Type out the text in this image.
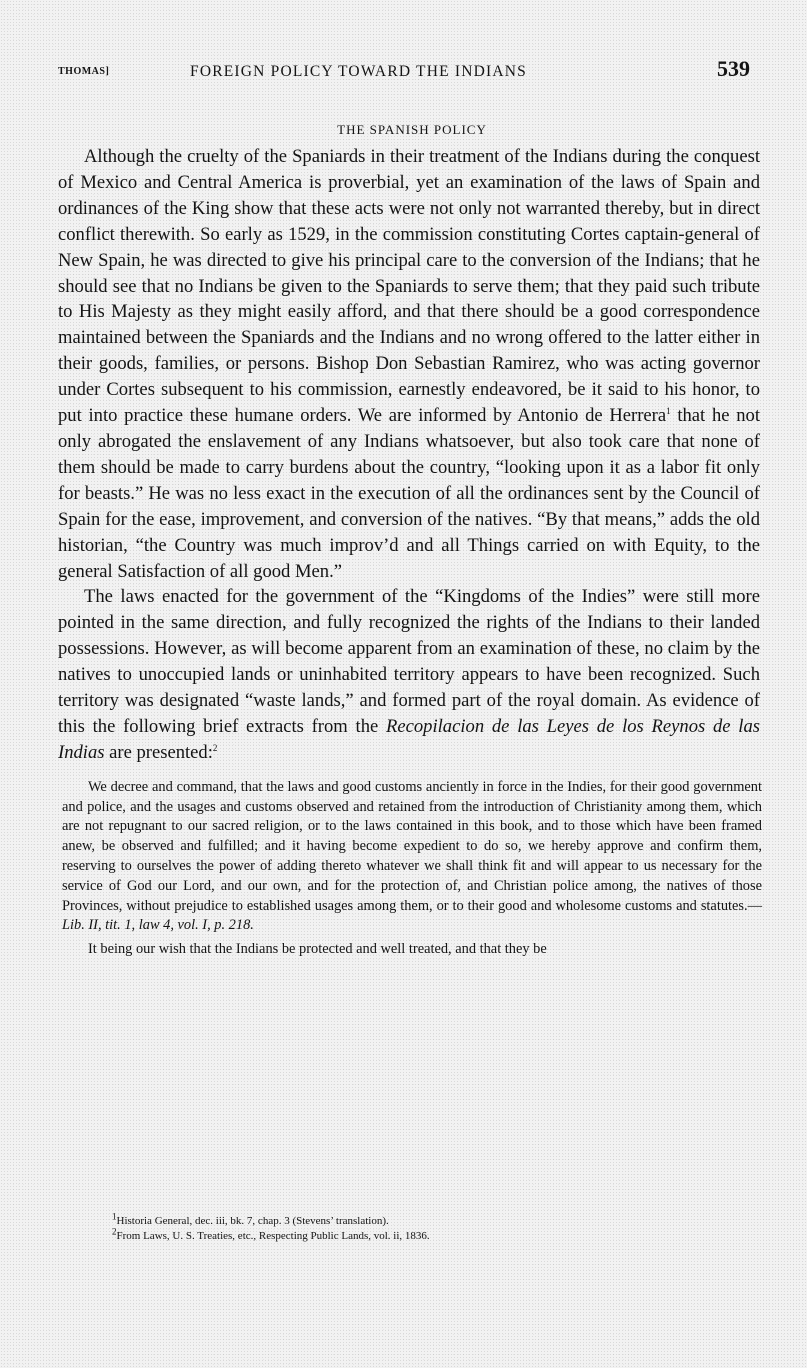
THOMAS]	FOREIGN POLICY TOWARD THE INDIANS	539
THE SPANISH POLICY

Although the cruelty of the Spaniards in their treatment of the Indians during the conquest of Mexico and Central America is proverbial, yet an examination of the laws of Spain and ordinances of the King show that these acts were not only not warranted thereby, but in direct conflict therewith. So early as 1529, in the commission constituting Cortes captain-general of New Spain, he was directed to give his principal care to the conversion of the Indians; that he should see that no Indians be given to the Spaniards to serve them; that they paid such tribute to His Majesty as they might easily afford, and that there should be a good correspondence maintained between the Spaniards and the Indians and no wrong offered to the latter either in their goods, families, or persons. Bishop Don Sebastian Ramirez, who was acting governor under Cortes subsequent to his commission, earnestly endeavored, be it said to his honor, to put into practice these humane orders. We are informed by Antonio de Herrera$^1$ that he not only abrogated the enslavement of any Indians whatsoever, but also took care that none of them should be made to carry burdens about the country, “looking upon it as a labor fit only for beasts.” He was no less exact in the execution of all the ordinances sent by the Council of Spain for the ease, improvement, and conversion of the natives. “By that means,” adds the old historian, “the Country was much improv’d and all Things carried on with Equity, to the general Satisfaction of all good Men.”

The laws enacted for the government of the “Kingdoms of the Indies” were still more pointed in the same direction, and fully recognized the rights of the Indians to their landed possessions. However, as will become apparent from an examination of these, no claim by the natives to unoccupied lands or uninhabited territory appears to have been recognized. Such territory was designated “waste lands,” and formed part of the royal domain. As evidence of this the following brief extracts from the Recopilacion de las Leyes de los Reynos de las Indias are presented:$^2$

We decree and command, that the laws and good customs anciently in force in the Indies, for their good government and police, and the usages and customs observed and retained from the introduction of Christianity among them, which are not repugnant to our sacred religion, or to the laws contained in this book, and to those which have been framed anew, be observed and fulfilled; and it having become expedient to do so, we hereby approve and confirm them, reserving to ourselves the power of adding thereto whatever we shall think fit and will appear to us necessary for the service of God our Lord, and our own, and for the protection of, and Christian police among, the natives of those Provinces, without prejudice to established usages among them, or to their good and wholesome customs and statutes.—Lib. II, tit. 1, law 4, vol. I, p. 218.

It being our wish that the Indians be protected and well treated, and that they be

$^1$Historia General, dec. iii, bk. 7, chap. 3 (Stevens’ translation).
$^2$From Laws, U. S. Treaties, etc., Respecting Public Lands, vol. ii, 1836.
